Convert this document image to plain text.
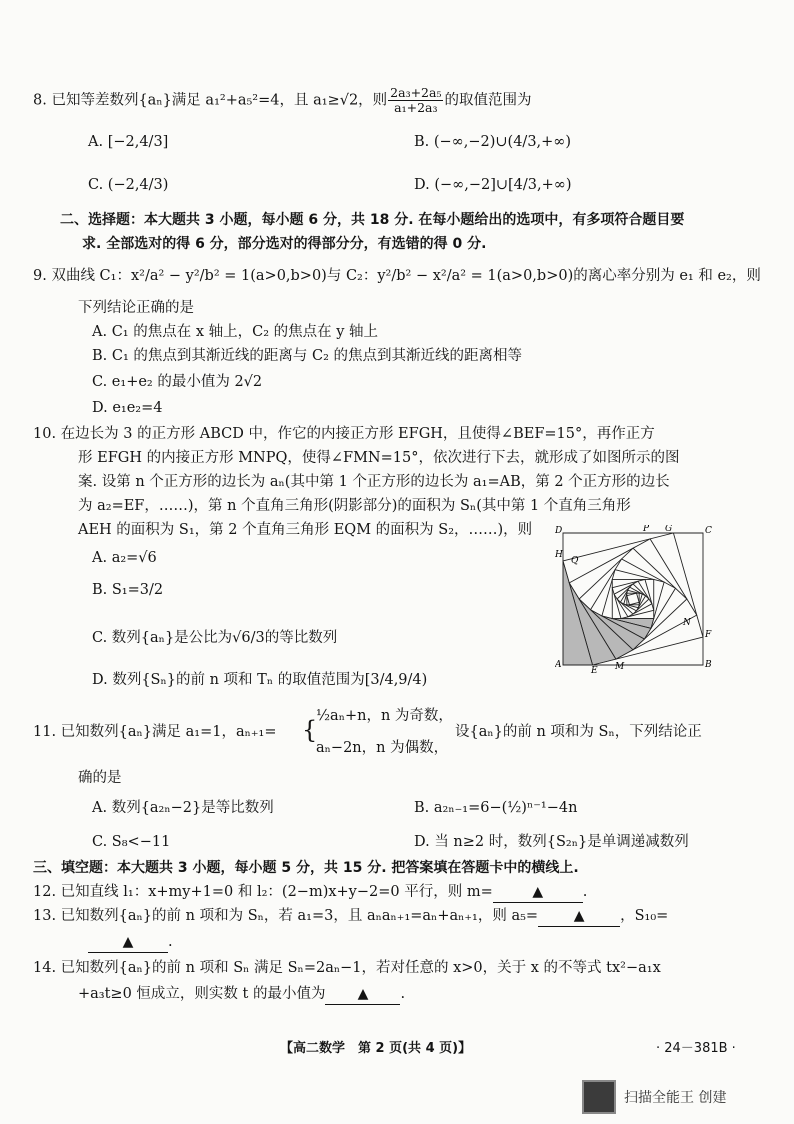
8. 已知等差数列{aₙ}满足 a₁²+a₅²=4，且 a₁≥√2，则 $\frac{\text{2a₃+2a₅}}{\text{a₁+2a₃}}$ 的取值范围为
A. [−2,4/3]	B. (−∞,−2)∪(4/3,+∞)
C. (−2,4/3)	D. (−∞,−2]∪[4/3,+∞)
二、选择题：本大题共 3 小题，每小题 6 分，共 18 分. 在每小题给出的选项中，有多项符合题目要
求. 全部选对的得 6 分，部分选对的得部分分，有选错的得 0 分.
9. 双曲线 C₁：x²/a² − y²/b² = 1(a>0,b>0)与 C₂：y²/b² − x²/a² = 1(a>0,b>0)的离心率分别为 e₁ 和 e₂，则
下列结论正确的是
A. C₁ 的焦点在 x 轴上，C₂ 的焦点在 y 轴上
B. C₁ 的焦点到其渐近线的距离与 C₂ 的焦点到其渐近线的距离相等
C. e₁+e₂ 的最小值为 2√2
D. e₁e₂=4
10. 在边长为 3 的正方形 ABCD 中，作它的内接正方形 EFGH，且使得∠BEF=15°，再作正方
形 EFGH 的内接正方形 MNPQ，使得∠FMN=15°，依次进行下去，就形成了如图所示的图
案. 设第 n 个正方形的边长为 aₙ(其中第 1 个正方形的边长为 a₁=AB，第 2 个正方形的边长
为 a₂=EF，……)，第 n 个直角三角形(阴影部分)的面积为 Sₙ(其中第 1 个直角三角形
AEH 的面积为 S₁，第 2 个直角三角形 EQM 的面积为 S₂，……)，则
A. a₂=√6
B. S₁=3/2
C. 数列{aₙ}是公比为√6/3的等比数列
D. 数列{Sₙ}的前 n 项和 Tₙ 的取值范围为[3/4,9/4)
D	P G	C
H
Q
N
F
A
E M	B
11. 已知数列{aₙ}满足 a₁=1，aₙ₊₁= {
½aₙ+n，n 为奇数，
aₙ−2n，n 为偶数，
设{aₙ}的前 n 项和为 Sₙ，下列结论正
确的是
A. 数列{a₂ₙ−2}是等比数列	B. a₂ₙ₋₁=6−(½)ⁿ⁻¹−4n
C. S₈<−11	D. 当 n≥2 时，数列{S₂ₙ}是单调递减数列
三、填空题：本大题共 3 小题，每小题 5 分，共 15 分. 把答案填在答题卡中的横线上.
12. 已知直线 l₁：x+my+1=0 和 l₂：(2−m)x+y−2=0 平行，则 m= ▲	.
13. 已知数列{aₙ}的前 n 项和为 Sₙ，若 a₁=3，且 aₙaₙ₊₁=aₙ+aₙ₊₁，则 a₅= ▲	，S₁₀=
▲.
14. 已知数列{aₙ}的前 n 项和 Sₙ 满足 Sₙ=2aₙ−1，若对任意的 x>0，关于 x 的不等式 tx²−a₁x
+a₃t≥0 恒成立，则实数 t 的最小值为 ▲	.
【高二数学　第 2 页(共 4 页)】	· 24－381B ·
扫描全能王 创建
